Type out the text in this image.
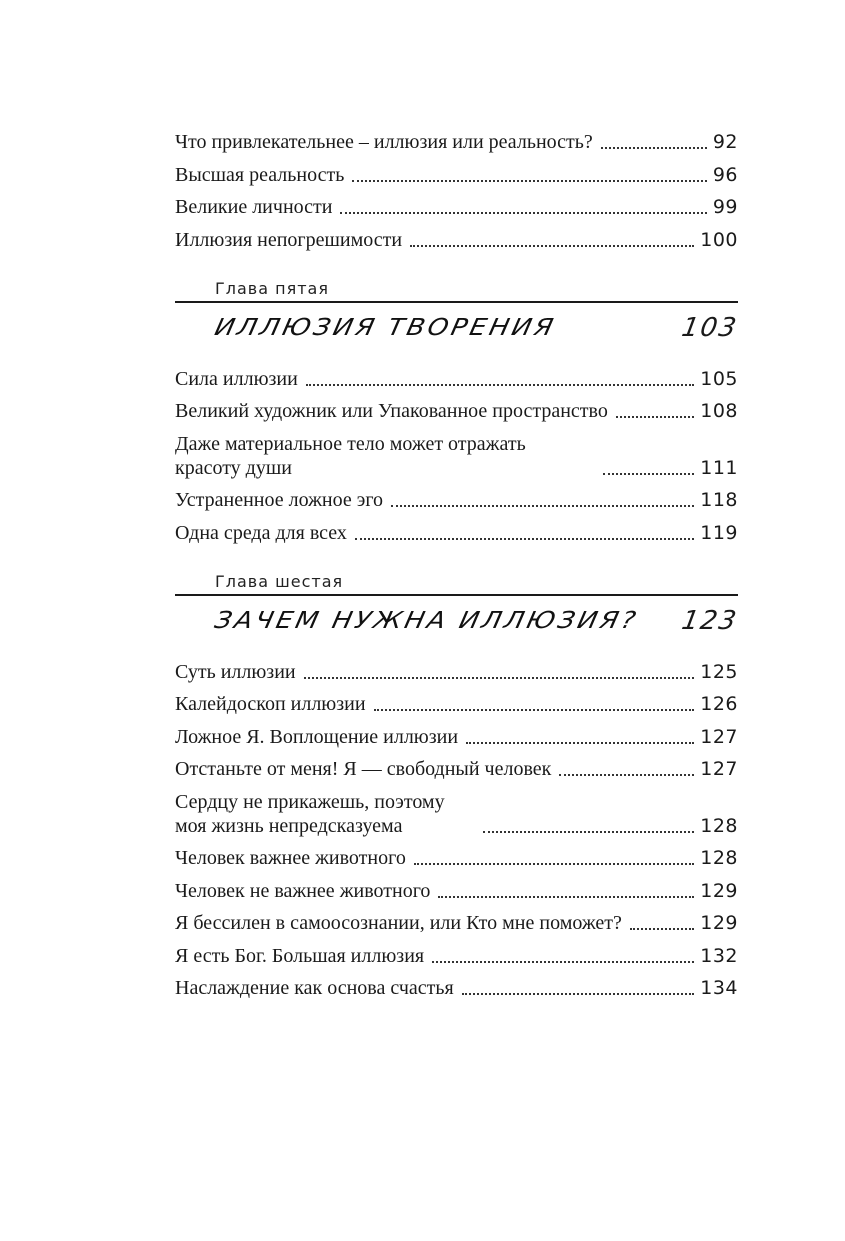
Что привлекательнее – иллюзия или реальность?	92
Высшая реальность	96
Великие личности	99
Иллюзия непогрешимости	100
Глава пятая
ИЛЛЮЗИЯ ТВОРЕНИЯ	103
Сила иллюзии	105
Великий художник или Упакованное пространство	108
Даже материальное тело может отражать красоту души	111
Устраненное ложное эго	118
Одна среда для всех	119
Глава шестая
ЗАЧЕМ НУЖНА ИЛЛЮЗИЯ? 123
Суть иллюзии	125
Калейдоскоп иллюзии	126
Ложное Я. Воплощение иллюзии	127
Отстаньте от меня! Я — свободный человек	127
Сердцу не прикажешь, поэтому моя жизнь непредсказуема	128
Человек важнее животного	128
Человек не важнее животного	129
Я бессилен в самоосознании, или Кто мне поможет?	129
Я есть Бог. Большая иллюзия	132
Наслаждение как основа счастья	134
